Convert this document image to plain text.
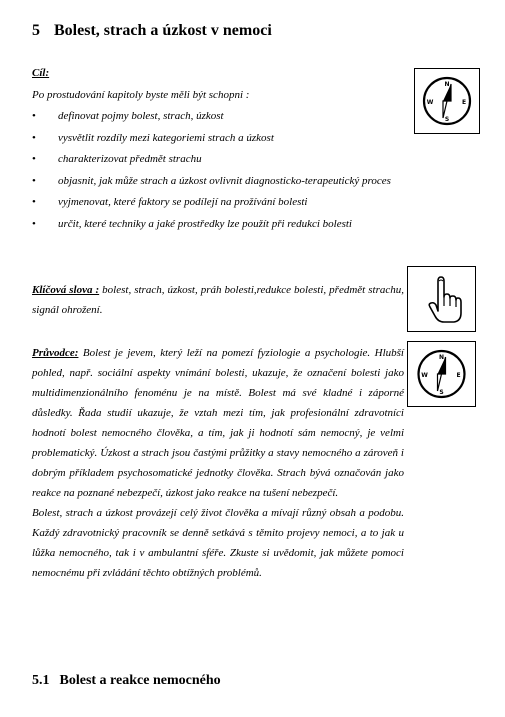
5 Bolest, strach a úzkost v nemoci
Cíl:
Po prostudování kapitoly byste měli být schopni :
• definovat pojmy bolest, strach, úzkost
• vysvětlit rozdíly mezi kategoriemi strach a úzkost
• charakterizovat předmět strachu
• objasnit, jak může strach a úzkost ovlivnit diagnosticko-terapeutický proces
• vyjmenovat, které faktory se podílejí na prožívání bolesti
• určit, které techniky a jaké prostředky lze použít při redukci bolesti
Klíčová slova : bolest, strach, úzkost, práh bolesti,redukce bolesti, předmět strachu, signál ohrožení.

Průvodce: Bolest je jevem, který leží na pomezí fyziologie a psychologie. Hlubší pohled, např. sociální aspekty vnímání bolesti, ukazuje, že označení bolesti jako multidimenzionálního fenoménu je na místě. Bolest má své kladné i záporné důsledky. Řada studií ukazuje, že vztah mezi tím, jak profesionální zdravotníci hodnotí bolest nemocného člověka, a tím, jak ji hodnotí sám nemocný, je velmi problematický. Úzkost a strach jsou častými průžitky a stavy nemocného a zároveň i dobrým příkladem psychosomatické jednotky člověka. Strach bývá označován jako reakce na poznané nebezpečí, úzkost jako reakce na tušení nebezpečí.

Bolest, strach a úzkost provázejí celý život člověka a mívají různý obsah a podobu. Každý zdravotnický pracovník se denně setkává s těmito projevy nemoci, a to jak u lůžka nemocného, tak i v ambulantní sféře. Zkuste si uvědomit, jak můžete pomoci nemocnému při zvládání těchto obtížných problémů.

5.1 Bolest a reakce nemocného
N
E
S
W
N
E
S
W
